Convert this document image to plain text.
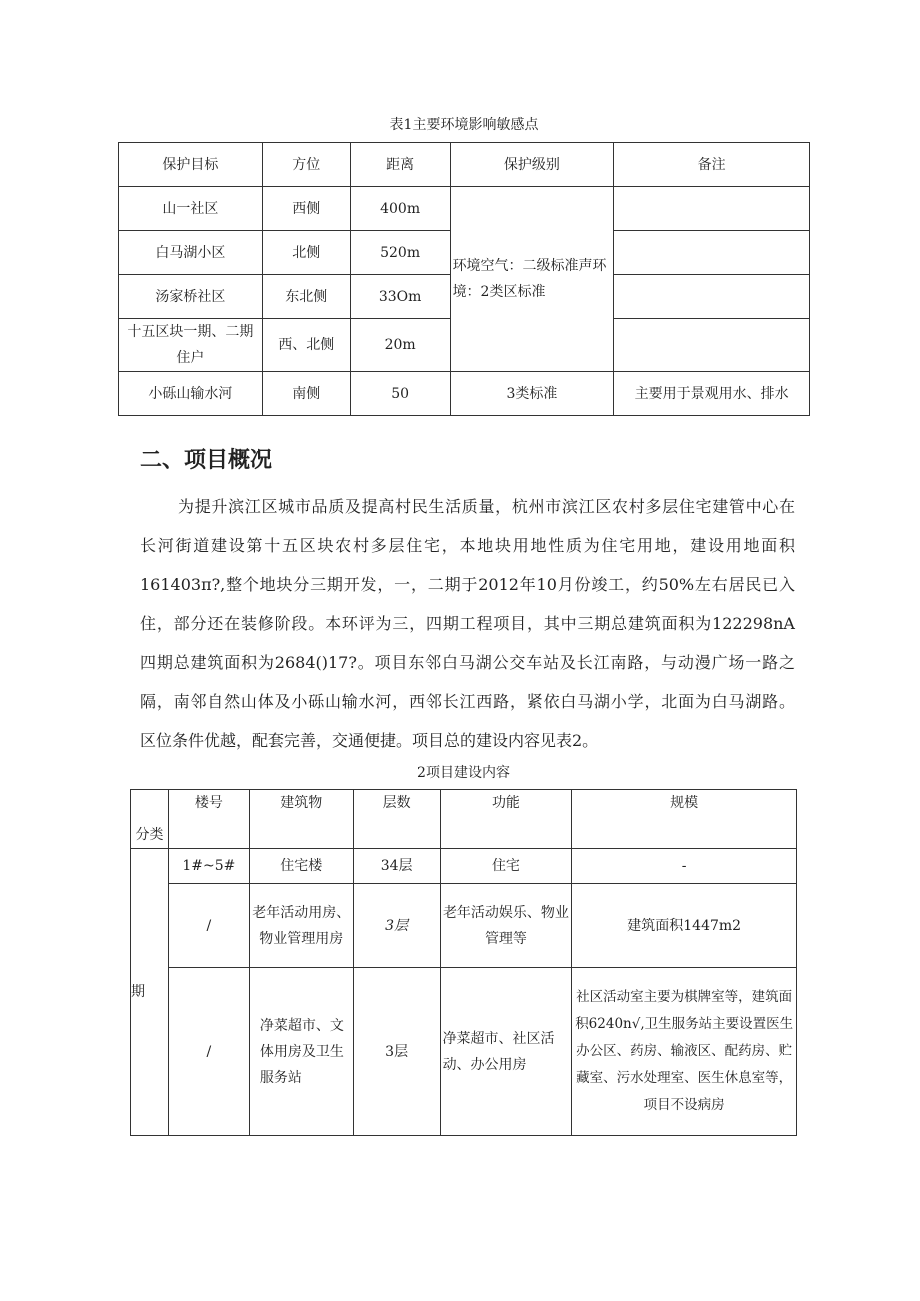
表1主要环境影响敏感点
保护目标	方位	距离	保护级别	备注
山一社区	西侧	400m	环境空气：二级标准声环境：2类区标准	
白马湖小区	北侧	520m		
汤家桥社区	东北侧	33Om		
十五区块一期、二期住户	西、北侧	20m		
小砾山输水河	南侧	50	3类标准	主要用于景观用水、排水
二、项目概况
为提升滨江区城市品质及提高村民生活质量，杭州市滨江区农村多层住宅建管中心在
长河街道建设第十五区块农村多层住宅，本地块用地性质为住宅用地，建设用地面积
161403π?,整个地块分三期开发，一，二期于2012年10月份竣工，约50%左右居民已入
住，部分还在装修阶段。本环评为三，四期工程项目，其中三期总建筑面积为122298nA
四期总建筑面积为2684()17?。项目东邻白马湖公交车站及长江南路，与动漫广场一路之
隔，南邻自然山体及小砾山输水河，西邻长江西路，紧依白马湖小学，北面为白马湖路。
区位条件优越，配套完善，交通便捷。项目总的建设内容见表2。
2项目建设内容
分类	楼号	建筑物	层数	功能	规模
期	1#~5#	住宅楼	34层	住宅	-
	/	老年活动用房、物业管理用房	3层	老年活动娱乐、物业管理等	建筑面积1447m2
	/	净菜超市、文体用房及卫生服务站	3层	净菜超市、社区活动、办公用房	社区活动室主要为棋牌室等，建筑面积6240n√,卫生服务站主要设置医生办公区、药房、输液区、配药房、贮藏室、污水处理室、医生休息室等，项目不设病房
